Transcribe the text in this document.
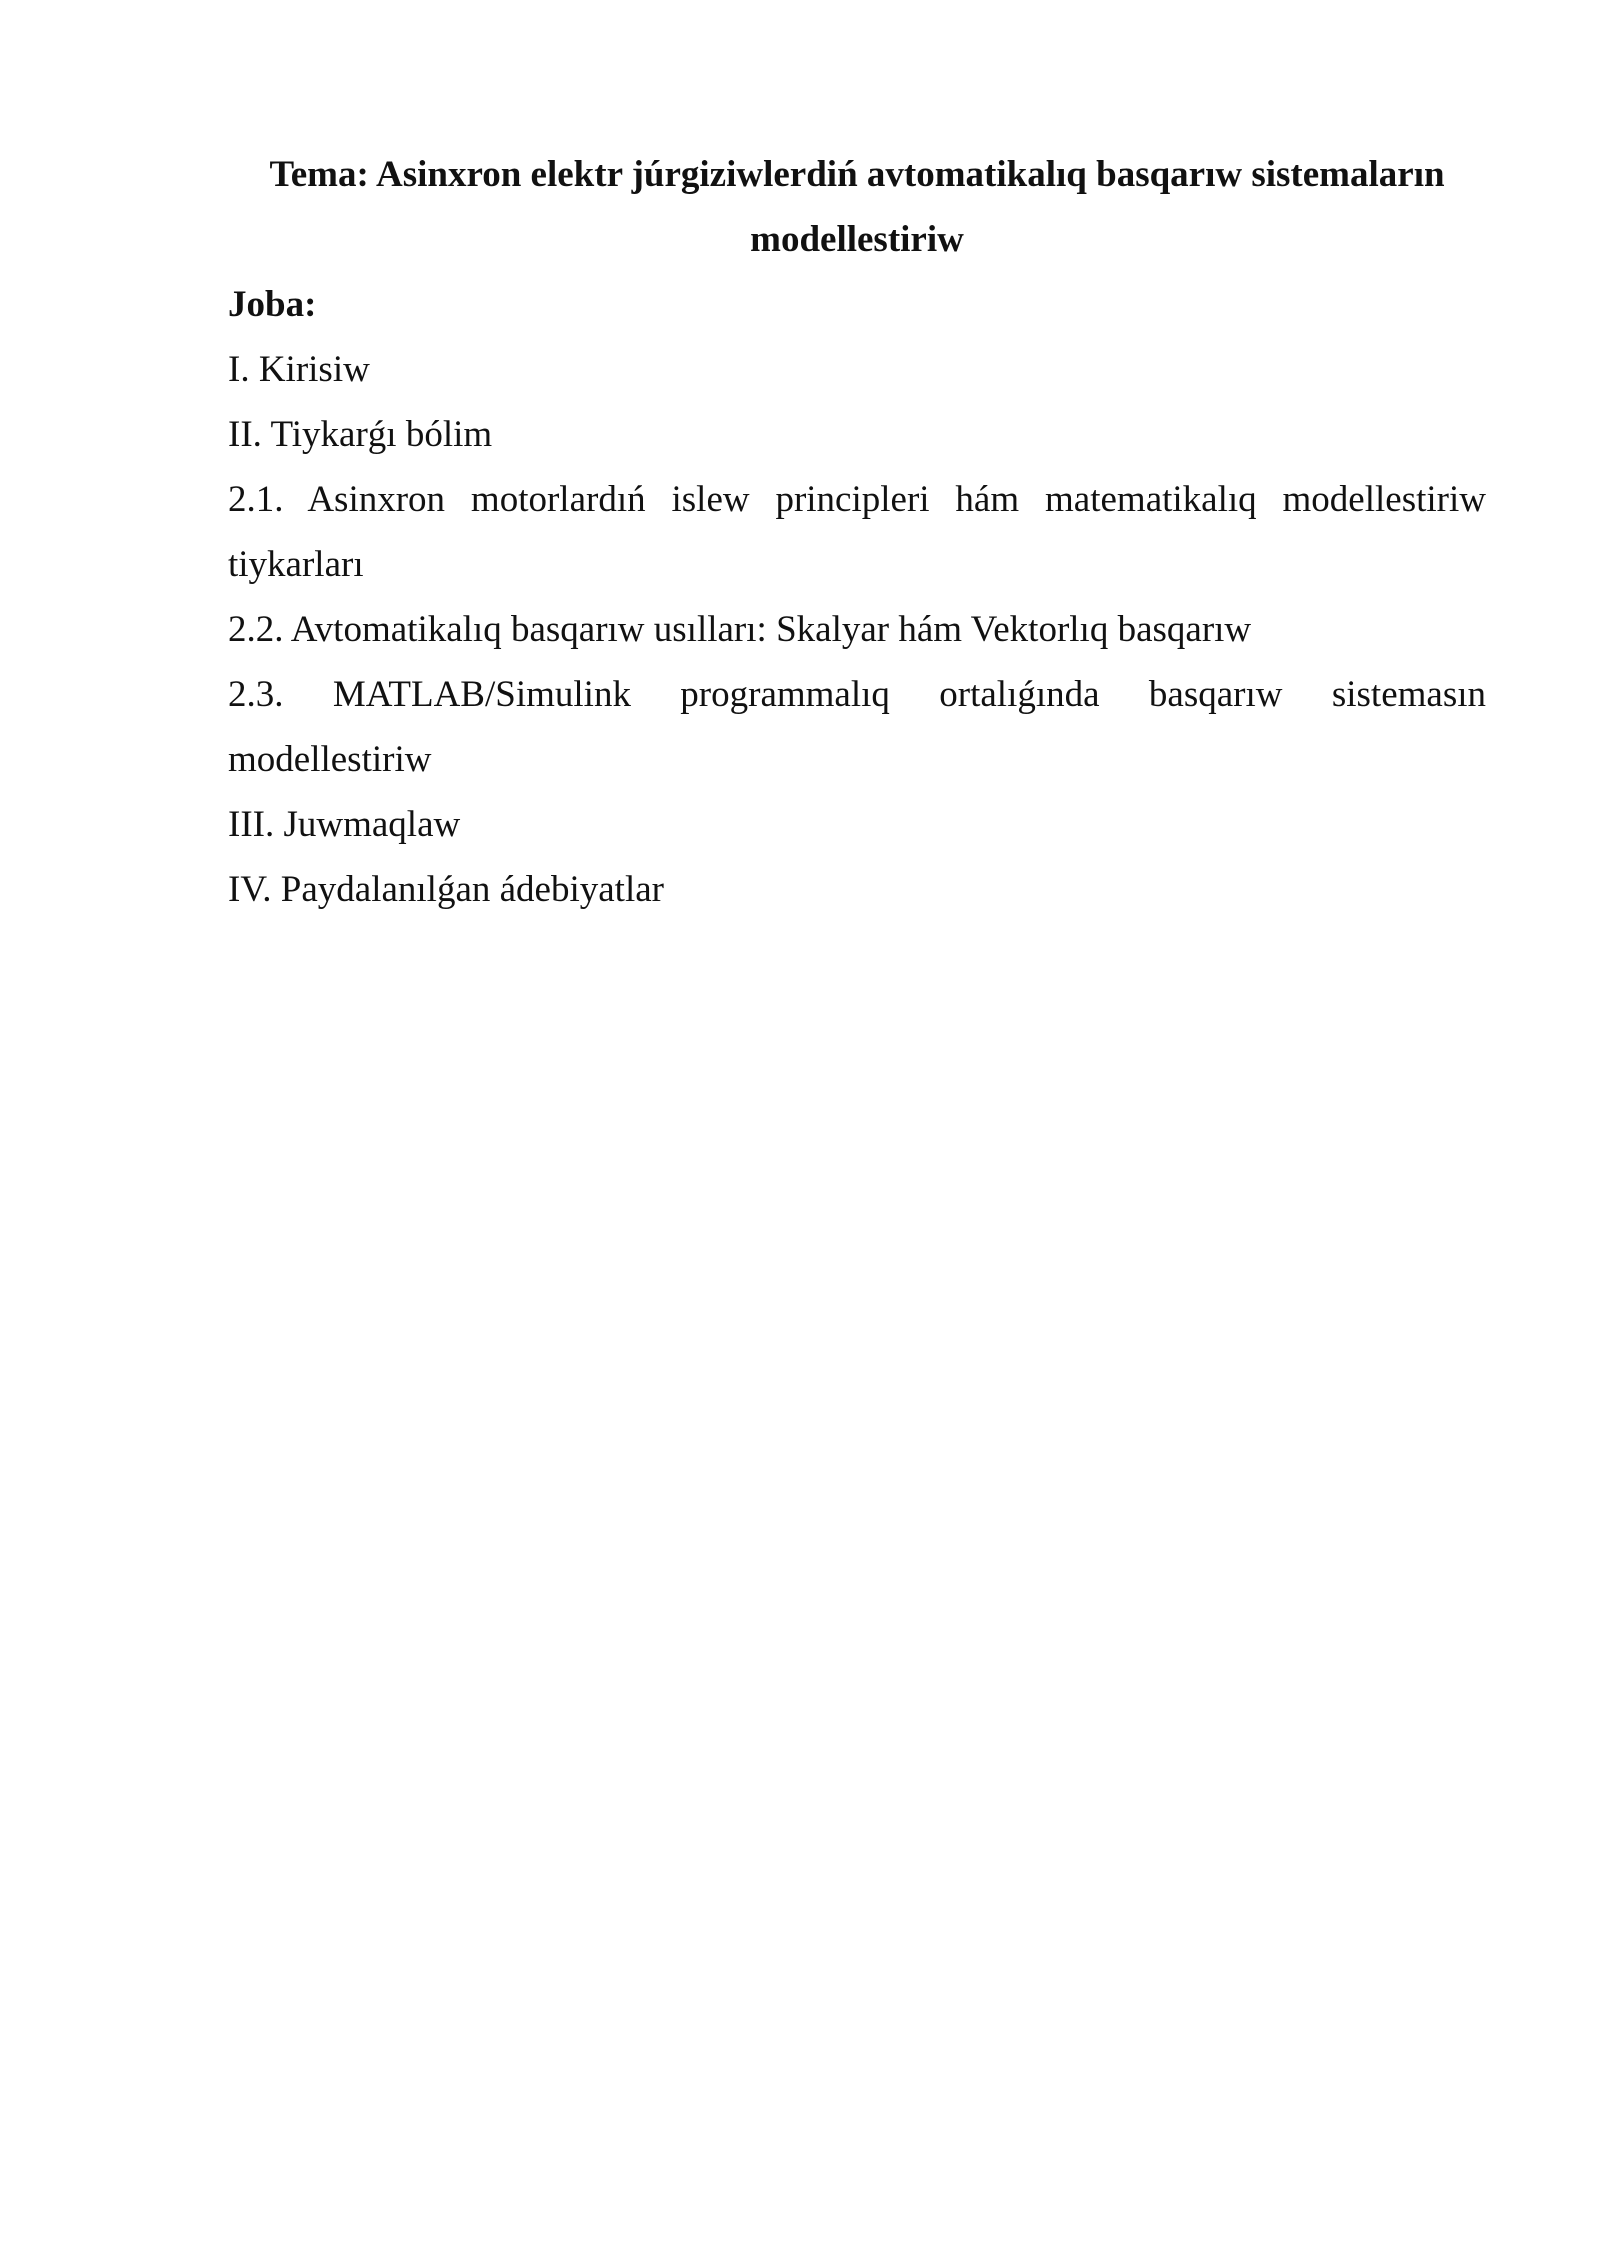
Tema: Asinxron elektr júrgiziwlerdiń avtomatikalıq basqarıw sistemaların modellestiriw
Joba:
I. Kirisiw
II. Tiykarǵı bólim
2.1. Asinxron motorlardıń islew principleri hám matematikalıq modellestiriw tiykarları
2.2. Avtomatikalıq basqarıw usılları: Skalyar hám Vektorlıq basqarıw
2.3. MATLAB/Simulink programmalıq ortalıǵında basqarıw sistemasın modellestiriw
III. Juwmaqlaw
IV. Paydalanılǵan ádebiyatlar
